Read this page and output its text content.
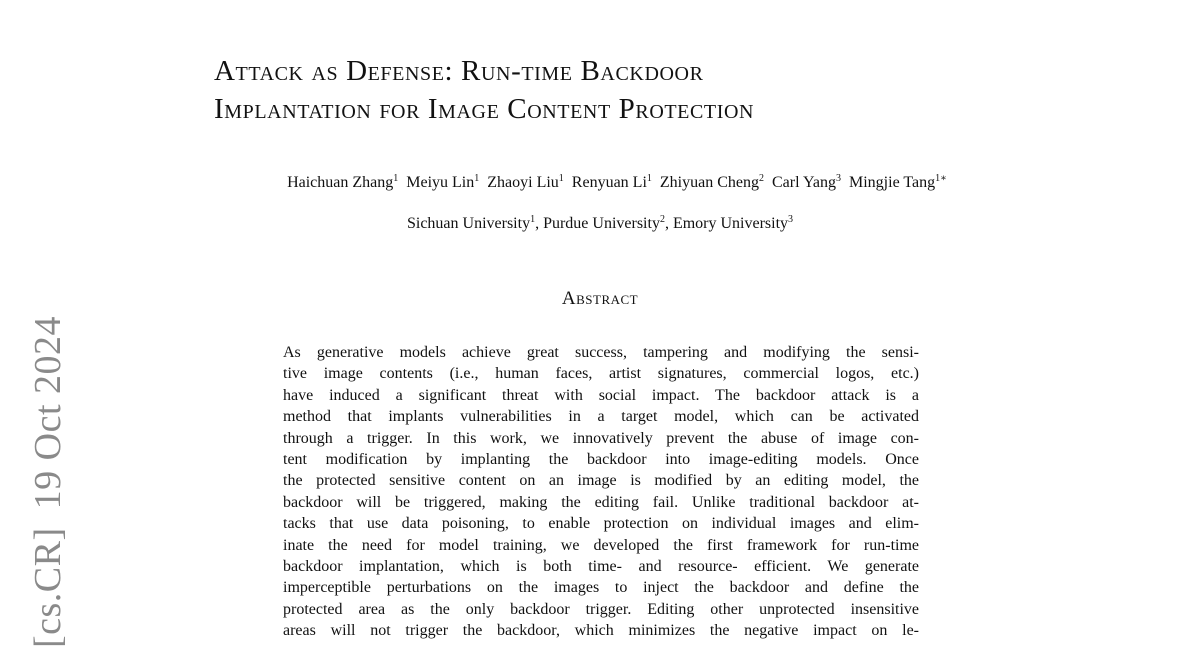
[cs.CR]19 Oct 2024
Attack as Defense: Run-time Backdoor
Implantation for Image Content Protection
Haichuan Zhang$^1$ Meiyu Lin$^1$ Zhaoyi Liu$^1$ Renyuan Li$^1$ Zhiyuan Cheng$^2$ Carl Yang$^3$ Mingjie Tang$^{1∗}$
Sichuan University$^1$, Purdue University$^2$, Emory University$^3$
Abstract
As generative models achieve great success, tampering and modifying the sensi-
tive image contents (i.e., human faces, artist signatures, commercial logos, etc.)
have induced a significant threat with social impact. The backdoor attack is a
method that implants vulnerabilities in a target model, which can be activated
through a trigger. In this work, we innovatively prevent the abuse of image con-
tent modification by implanting the backdoor into image-editing models. Once
the protected sensitive content on an image is modified by an editing model, the
backdoor will be triggered, making the editing fail. Unlike traditional backdoor at-
tacks that use data poisoning, to enable protection on individual images and elim-
inate the need for model training, we developed the first framework for run-time
backdoor implantation, which is both time- and resource- efficient. We generate
imperceptible perturbations on the images to inject the backdoor and define the
protected area as the only backdoor trigger. Editing other unprotected insensitive
areas will not trigger the backdoor, which minimizes the negative impact on le-
